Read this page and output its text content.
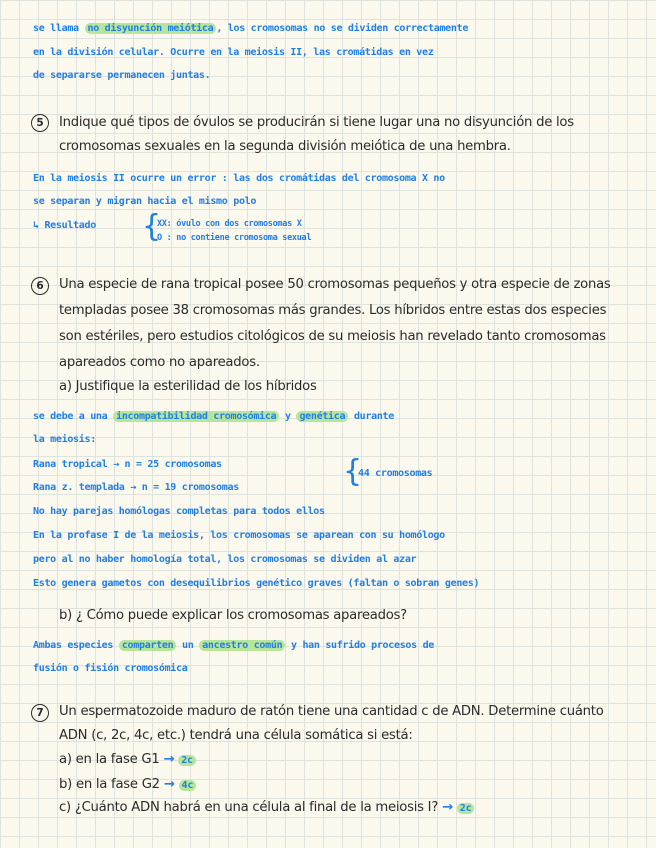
se llama no disyunción meiótica , los cromosomas no se dividen correctamente
en la división celular. Ocurre en la meiosis II, las cromátidas en vez
de separarse permanecen juntas.
5	Indique qué tipos de óvulos se producirán si tiene lugar una no disyunción de los
cromosomas sexuales en la segunda división meiótica de una hembra.
En la meiosis II ocurre un error : las dos cromátidas del cromosoma X no
se separan y migran hacia el mismo polo
↳ Resultado {
XX: óvulo con dos cromosomas X
O : no contiene cromosoma sexual
6	Una especie de rana tropical posee 50 cromosomas pequeños y otra especie de zonas
templadas posee 38 cromosomas más grandes. Los híbridos entre estas dos especies
son estériles, pero estudios citológicos de su meiosis han revelado tanto cromosomas
apareados como no apareados.
a) Justifique la esterilidad de los híbridos
se debe a una incompatibilidad cromosómica y genética durante
la meiosis:
Rana tropical → n = 25 cromosomas
Rana z. templada → n = 19 cromosomas	{
44 cromosomas
No hay parejas homólogas completas para todos ellos
En la profase I de la meiosis, los cromosomas se aparean con su homólogo
pero al no haber homología total, los cromosomas se dividen al azar
Esto genera gametos con desequilibrios genético graves (faltan o sobran genes)
b) ¿ Cómo puede explicar los cromosomas apareados?
Ambas especies comparten un ancestro común y han sufrido procesos de
fusión o fisión cromosómica
7	Un espermatozoide maduro de ratón tiene una cantidad c de ADN. Determine cuánto
ADN (c, 2c, 4c, etc.) tendrá una célula somática si está:
a) en la fase G1 → 2c
b) en la fase G2 → 4c
c) ¿Cuánto ADN habrá en una célula al final de la meiosis I? → 2c
